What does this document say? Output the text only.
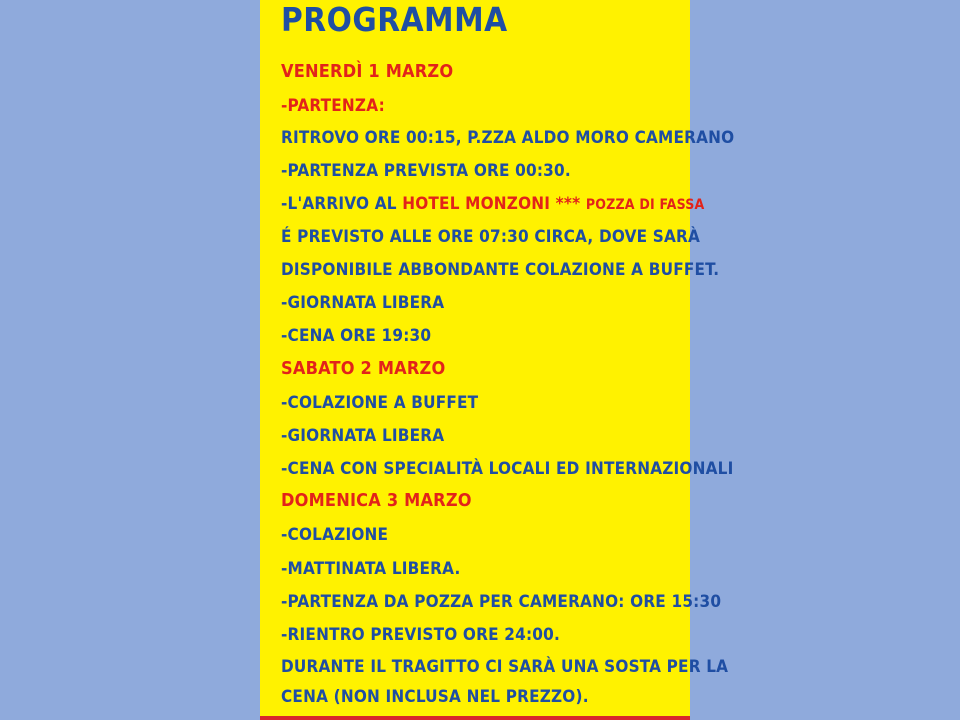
PROGRAMMA

VENERDÌ 1 MARZO

-PARTENZA:

RITROVO ORE 00:15, P.ZZA ALDO MORO CAMERANO

-PARTENZA PREVISTA ORE 00:30.

-L'ARRIVO AL HOTEL MONZONI *** POZZA DI FASSA

É PREVISTO ALLE ORE 07:30 CIRCA, DOVE SARÀ

DISPONIBILE ABBONDANTE COLAZIONE A BUFFET.

-GIORNATA LIBERA

-CENA ORE 19:30

SABATO 2 MARZO

-COLAZIONE A BUFFET

-GIORNATA LIBERA

-CENA CON SPECIALITÀ LOCALI ED INTERNAZIONALI

DOMENICA 3 MARZO

-COLAZIONE

-MATTINATA LIBERA.

-PARTENZA DA POZZA PER CAMERANO: ORE 15:30

-RIENTRO PREVISTO ORE 24:00.

DURANTE IL TRAGITTO CI SARÀ UNA SOSTA PER LA

CENA (NON INCLUSA NEL PREZZO).
